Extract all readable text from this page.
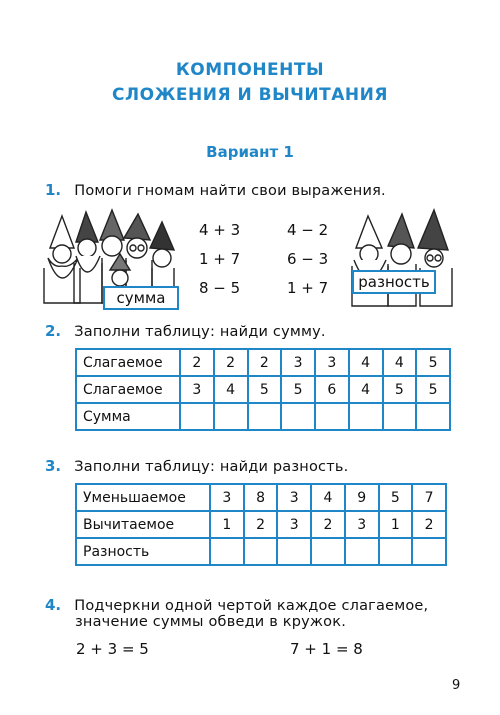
КОМПОНЕНТЫ
СЛОЖЕНИЯ И ВЫЧИТАНИЯ
Вариант 1
1. Помоги гномам найти свои выражения.
сумма
4 + 3
1 + 7
8 − 5
4 − 2
6 − 3
1 + 7	разность
2. Заполни таблицу: найди сумму.
Слагаемое	2	2	2	3	3	4	4	5
Слагаемое	3	4	5	5	6	4	5	5
Сумма								
3. Заполни таблицу: найди разность.
Уменьшаемое	3	8	3	4	9	5	7
Вычитаемое	1	2	3	2	3	1	2
Разность							
4. Подчеркни одной чертой каждое слагаемое,
значение суммы обведи в кружок.
2 + 3 = 5	7 + 1 = 8
9
